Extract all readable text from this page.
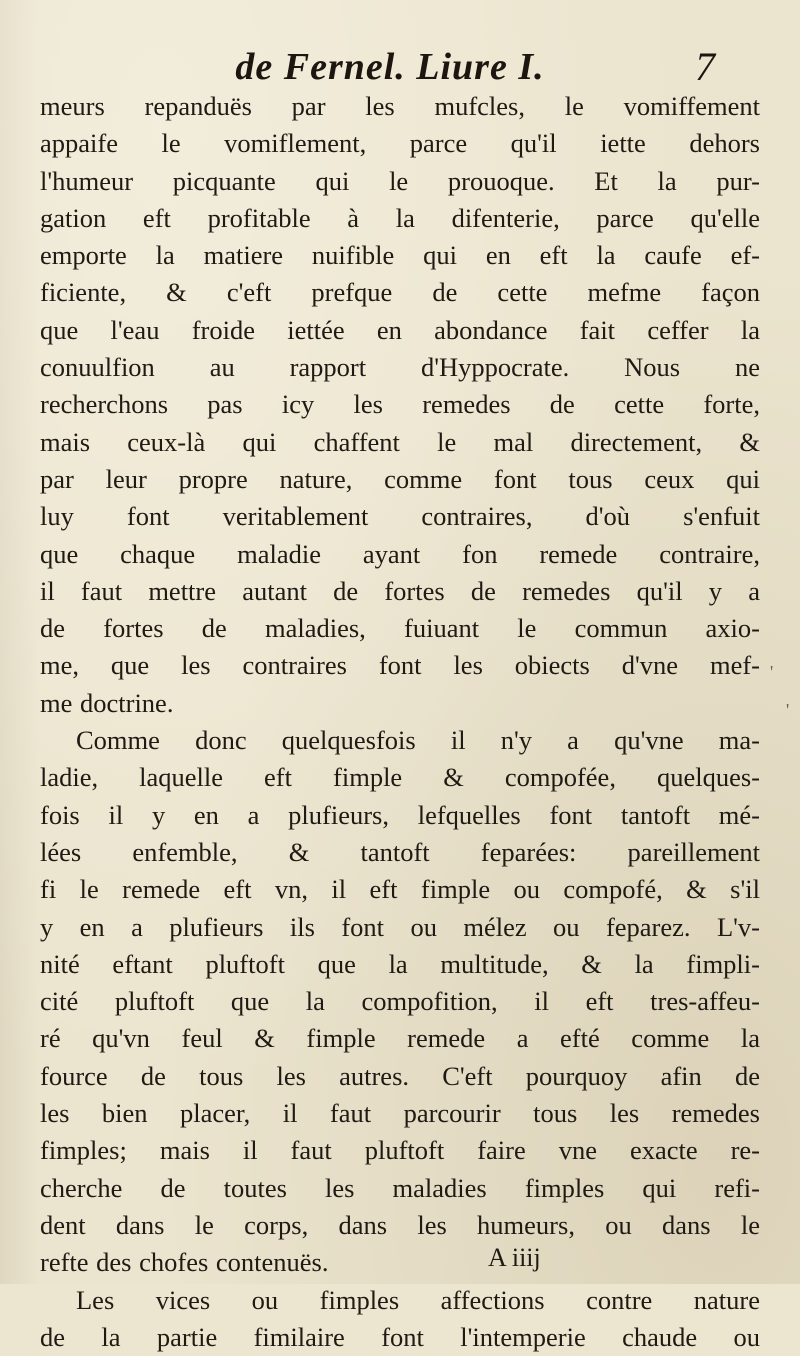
de Fernel. Liure I.	7
meurs repanduës par les mufcles, le vomiffement
appaife le vomiflement, parce qu'il iette dehors
l'humeur picquante qui le prouoque. Et la pur-
gation eft profitable à la difenterie, parce qu'elle
emporte la matiere nuifible qui en eft la caufe ef-
ficiente, & c'eft prefque de cette mefme façon
que l'eau froide iettée en abondance fait ceffer la
conuulfion au rapport d'Hyppocrate. Nous ne
recherchons pas icy les remedes de cette forte,
mais ceux-là qui chaffent le mal directement, &
par leur propre nature, comme font tous ceux qui
luy font veritablement contraires, d'où s'enfuit
que chaque maladie ayant fon remede contraire,
il faut mettre autant de fortes de remedes qu'il y a
de fortes de maladies, fuiuant le commun axio-
me, que les contraires font les obiects d'vne mef-
me doctrine.
Comme donc quelquesfois il n'y a qu'vne ma-
ladie, laquelle eft fimple & compofée, quelques-
fois il y en a plufieurs, lefquelles font tantoft mé-
lées enfemble, & tantoft feparées: pareillement
fi le remede eft vn, il eft fimple ou compofé, & s'il
y en a plufieurs ils font ou mélez ou feparez. L'v-
nité eftant pluftoft que la multitude, & la fimpli-
cité pluftoft que la compofition, il eft tres-affeu-
ré qu'vn feul & fimple remede a efté comme la
fource de tous les autres. C'eft pourquoy afin de
les bien placer, il faut parcourir tous les remedes
fimples; mais il faut pluftoft faire vne exacte re-
cherche de toutes les maladies fimples qui refi-
dent dans le corps, dans les humeurs, ou dans le
refte des chofes contenuës.
Les vices ou fimples affections contre nature
de la partie fimilaire font l'intemperie chaude ou
A iiij
'
'
